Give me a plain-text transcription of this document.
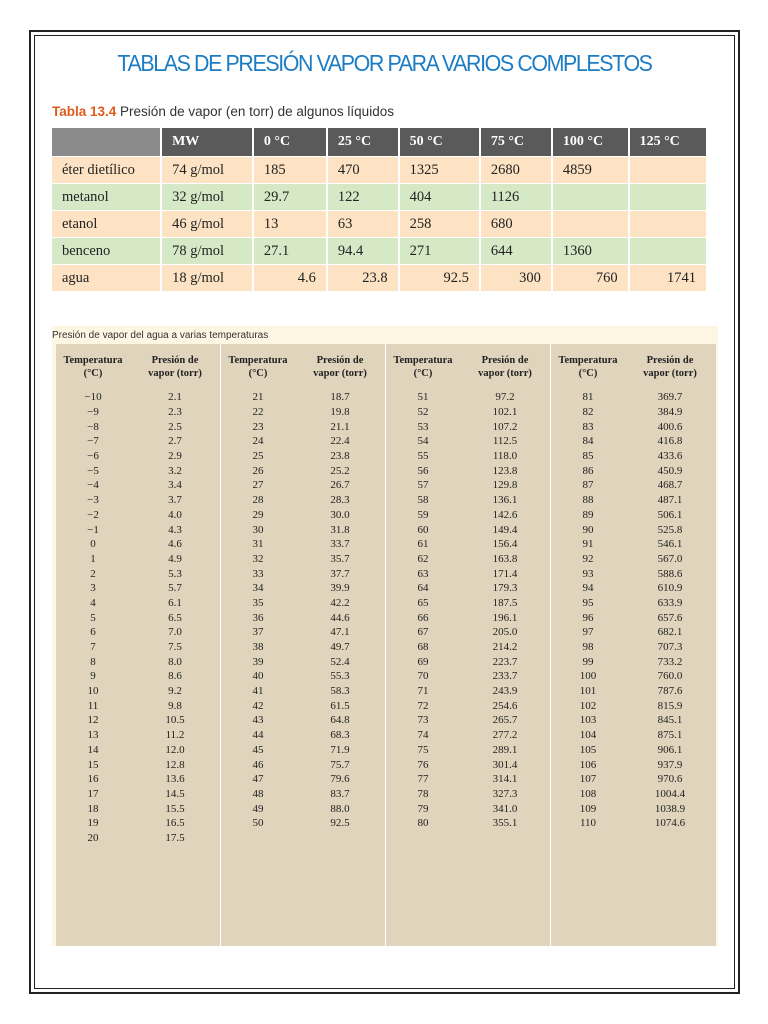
TABLAS DE PRESIÓN VAPOR PARA VARIOS COMPLESTOS
Tabla 13.4 Presión de vapor (en torr) de algunos líquidos
	MW	0 °C	25 °C	50 °C	75 °C	100 °C	125 °C
éter dietílico	74 g/mol	185	470	1325	2680	4859	
metanol	32 g/mol	29.7	122	404	1126		
etanol	46 g/mol	13	63	258	680		
benceno	78 g/mol	27.1	94.4	271	644	1360	
agua	18 g/mol	4.6	23.8	92.5	300	760	1741
Presión de vapor del agua a varias temperaturas
Temperatura
(°C)
Presión de
vapor (torr)
−10	2.1
−9	2.3
−8	2.5
−7	2.7
−6	2.9
−5	3.2
−4	3.4
−3	3.7
−2	4.0
−1	4.3
0	4.6
1	4.9
2	5.3
3	5.7
4	6.1
5	6.5
6	7.0
7	7.5
8	8.0
9	8.6
10	9.2
11	9.8
12	10.5
13	11.2
14	12.0
15	12.8
16	13.6
17	14.5
18	15.5
19	16.5
20	17.5
Temperatura
(°C)
Presión de
vapor (torr)
21	18.7
22	19.8
23	21.1
24	22.4
25	23.8
26	25.2
27	26.7
28	28.3
29	30.0
30	31.8
31	33.7
32	35.7
33	37.7
34	39.9
35	42.2
36	44.6
37	47.1
38	49.7
39	52.4
40	55.3
41	58.3
42	61.5
43	64.8
44	68.3
45	71.9
46	75.7
47	79.6
48	83.7
49	88.0
50	92.5
Temperatura
(°C)
Presión de
vapor (torr)
51	97.2
52	102.1
53	107.2
54	112.5
55	118.0
56	123.8
57	129.8
58	136.1
59	142.6
60	149.4
61	156.4
62	163.8
63	171.4
64	179.3
65	187.5
66	196.1
67	205.0
68	214.2
69	223.7
70	233.7
71	243.9
72	254.6
73	265.7
74	277.2
75	289.1
76	301.4
77	314.1
78	327.3
79	341.0
80	355.1
Temperatura
(°C)
Presión de
vapor (torr)
81	369.7
82	384.9
83	400.6
84	416.8
85	433.6
86	450.9
87	468.7
88	487.1
89	506.1
90	525.8
91	546.1
92	567.0
93	588.6
94	610.9
95	633.9
96	657.6
97	682.1
98	707.3
99	733.2
100	760.0
101	787.6
102	815.9
103	845.1
104	875.1
105	906.1
106	937.9
107	970.6
108	1004.4
109	1038.9
110	1074.6
